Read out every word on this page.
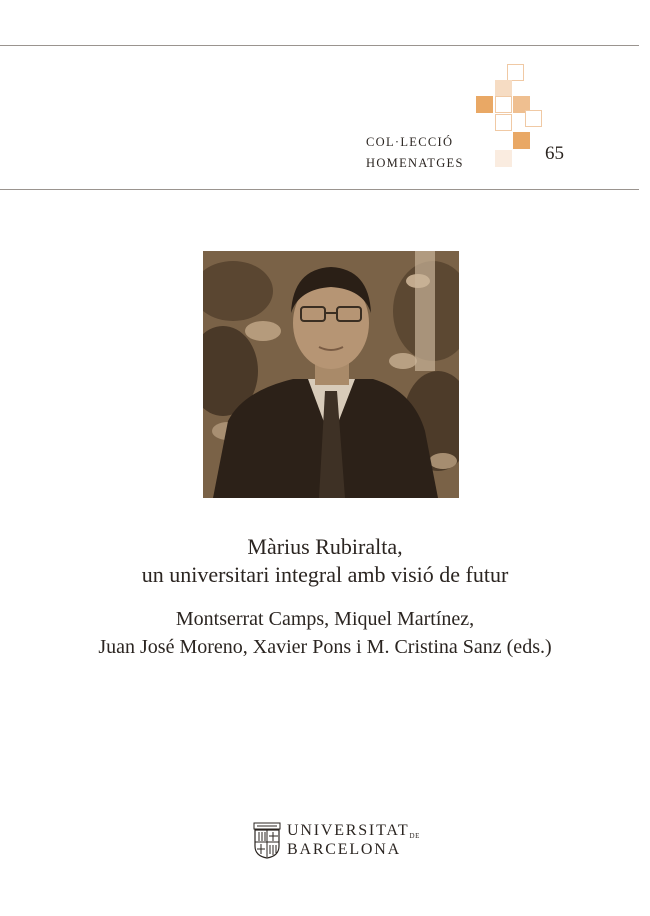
COL·LECCIÓ
HOMENATGES	65
Màrius Rubiralta,
un universitari integral amb visió de futur
Montserrat Camps, Miquel Martínez,
Juan José Moreno, Xavier Pons i M. Cristina Sanz (eds.)
$UNIVERSITAT^{DE}$
BARCELONA
